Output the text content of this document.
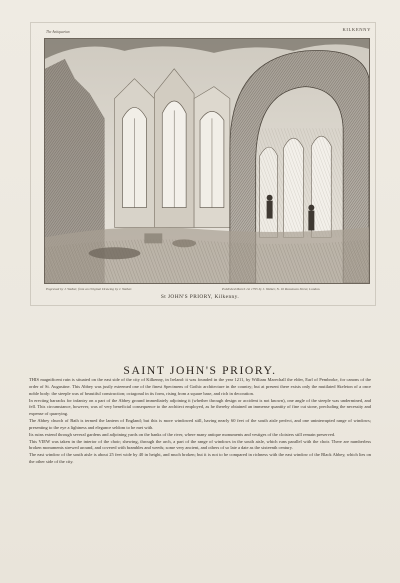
The Antiquarian	KILKENNY
Engraved by J. Walker, from an Original Drawing by J. Walker.	Published March 1st 1795 by J. Walker, N. 16 Rosomans Street, London.
St JOHN'S PRIORY, Kilkenny.
SAINT JOHN'S PRIORY.

THIS magnificent ruin is situated on the east side of the city of Kilkenny, in Ireland: it was founded in the year 1211, by William Marechall the elder, Earl of Pembroke, for canons of the order of St. Augustine. This Abbey was justly esteemed one of the finest Specimens of Gothic architecture in the country; but at present there exists only the mutilated Skeleton of a once noble body: the steeple was of beautiful construction; octagonal in its form, rising from a square base, and rich in decoration.

In erecting barracks for infantry on a part of the Abbey ground immediately adjoining it (whether through design or accident is not known), one angle of the steeple was undermined, and fell. This circumstance, however, was of very beneficial consequence to the architect employed, as he thereby obtained an immense quantity of fine cut stone, precluding the necessity and expense of quarrying.

The Abbey church of Bath is termed the lantern of England; but this is more windowed still, having nearly 60 feet of the south aisle perfect, and one uninterrupted range of windows; presenting to the eye a lightness and elegance seldom to be met with.

Its ruins extend through several gardens and adjoining yards on the banks of the river, where many antique monuments and vestiges of the cloisters still remain preserved.

This VIEW was taken in the interior of the choir; shewing, through the arch, a part of the range of windows in the south aisle, which runs parallel with the choir. There are numberless broken monuments strewed around, and covered with brambles and weeds; some very ancient, and others of so late a date as the sixteenth century.

The east window of the south aisle is about 25 feet wide by 40 in height, and much broken; but it is not to be compared in richness with the east window of the Black Abbey, which lies on the other side of the city.
